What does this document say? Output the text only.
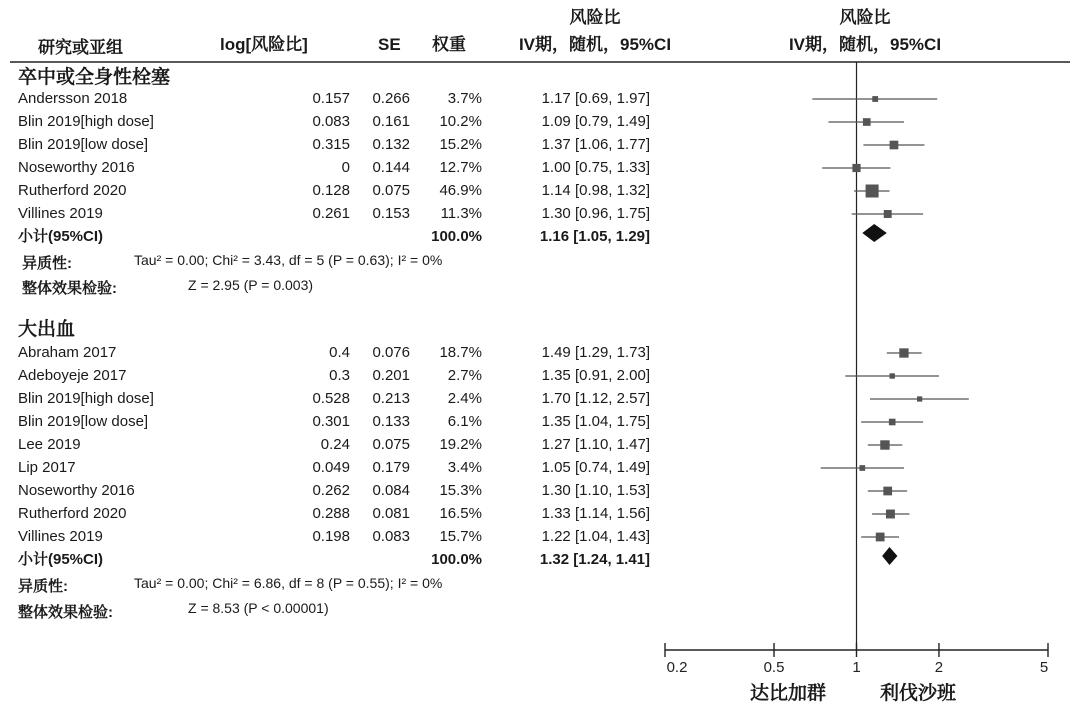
研究或亚组	log[风险比]	SE 权重
风险比
IV期，随机，95%CI
风险比
IV期，随机，95%CI
卒中或全身性栓塞
Andersson 2018	0.157	0.266	3.7%	1.17 [0.69, 1.97]
Blin 2019[high dose]	0.083	0.161	10.2%	1.09 [0.79, 1.49]
Blin 2019[low dose]	0.315	0.132	15.2%	1.37 [1.06, 1.77]
Noseworthy 2016	0	0.144	12.7%	1.00 [0.75, 1.33]
Rutherford 2020	0.128	0.075	46.9%	1.14 [0.98, 1.32]
Villines 2019	0.261	0.153	11.3%	1.30 [0.96, 1.75]
小计(95%CI)	100.0%	1.16 [1.05, 1.29]
异质性:	Tau² = 0.00; Chi² = 3.43, df = 5 (P = 0.63); I² = 0%
整体效果检验:	Z = 2.95 (P = 0.003)
大出血
Abraham 2017	0.4	0.076	18.7%	1.49 [1.29, 1.73]
Adeboyeje 2017	0.3	0.201	2.7%	1.35 [0.91, 2.00]
Blin 2019[high dose]	0.528	0.213	2.4%	1.70 [1.12, 2.57]
Blin 2019[low dose]	0.301	0.133	6.1%	1.35 [1.04, 1.75]
Lee 2019	0.24	0.075	19.2%	1.27 [1.10, 1.47]
Lip 2017	0.049	0.179	3.4%	1.05 [0.74, 1.49]
Noseworthy 2016	0.262	0.084	15.3%	1.30 [1.10, 1.53]
Rutherford 2020	0.288	0.081	16.5%	1.33 [1.14, 1.56]
Villines 2019	0.198	0.083	15.7%	1.22 [1.04, 1.43]
小计(95%CI)	100.0%	1.32 [1.24, 1.41]
异质性:	Tau² = 0.00; Chi² = 6.86, df = 8 (P = 0.55); I² = 0%
整体效果检验:	Z = 8.53 (P < 0.00001)
0.2	0.5	1	2	5
达比加群	利伐沙班
